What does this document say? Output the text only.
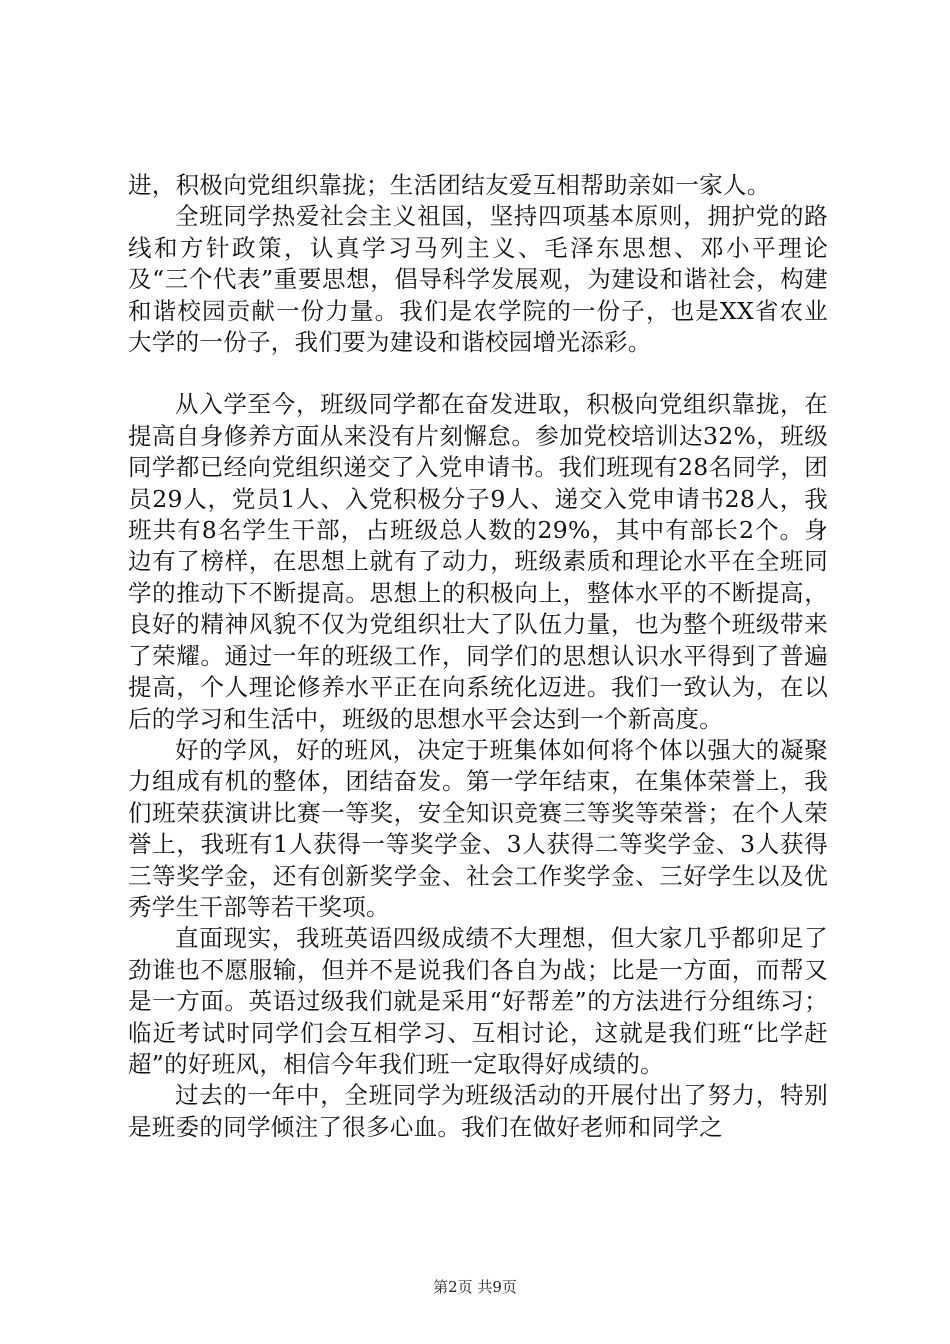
进，积极向党组织靠拢；生活团结友爱互相帮助亲如一家人。

全班同学热爱社会主义祖国，坚持四项基本原则，拥护党的路线和方针政策，认真学习马列主义、毛泽东思想、邓小平理论及“三个代表”重要思想，倡导科学发展观，为建设和谐社会，构建和谐校园贡献一份力量。我们是农学院的一份子，也是XX省农业大学的一份子，我们要为建设和谐校园增光添彩。

从入学至今，班级同学都在奋发进取，积极向党组织靠拢，在提高自身修养方面从来没有片刻懈怠。参加党校培训达32%，班级同学都已经向党组织递交了入党申请书。我们班现有28名同学，团员29人，党员1人、入党积极分子9人、递交入党申请书28人，我班共有8名学生干部，占班级总人数的29%，其中有部长2个。身边有了榜样，在思想上就有了动力，班级素质和理论水平在全班同学的推动下不断提高。思想上的积极向上，整体水平的不断提高，良好的精神风貌不仅为党组织壮大了队伍力量，也为整个班级带来了荣耀。通过一年的班级工作，同学们的思想认识水平得到了普遍提高，个人理论修养水平正在向系统化迈进。我们一致认为，在以后的学习和生活中，班级的思想水平会达到一个新高度。

好的学风，好的班风，决定于班集体如何将个体以强大的凝聚力组成有机的整体，团结奋发。第一学年结束，在集体荣誉上，我们班荣获演讲比赛一等奖，安全知识竞赛三等奖等荣誉；在个人荣誉上，我班有1人获得一等奖学金、3人获得二等奖学金、3人获得三等奖学金，还有创新奖学金、社会工作奖学金、三好学生以及优秀学生干部等若干奖项。

直面现实，我班英语四级成绩不大理想，但大家几乎都卯足了劲谁也不愿服输，但并不是说我们各自为战；比是一方面，而帮又是一方面。英语过级我们就是采用“好帮差”的方法进行分组练习；临近考试时同学们会互相学习、互相讨论，这就是我们班“比学赶超”的好班风，相信今年我们班一定取得好成绩的。

过去的一年中，全班同学为班级活动的开展付出了努力，特别是班委的同学倾注了很多心血。我们在做好老师和同学之

第2页 共9页
